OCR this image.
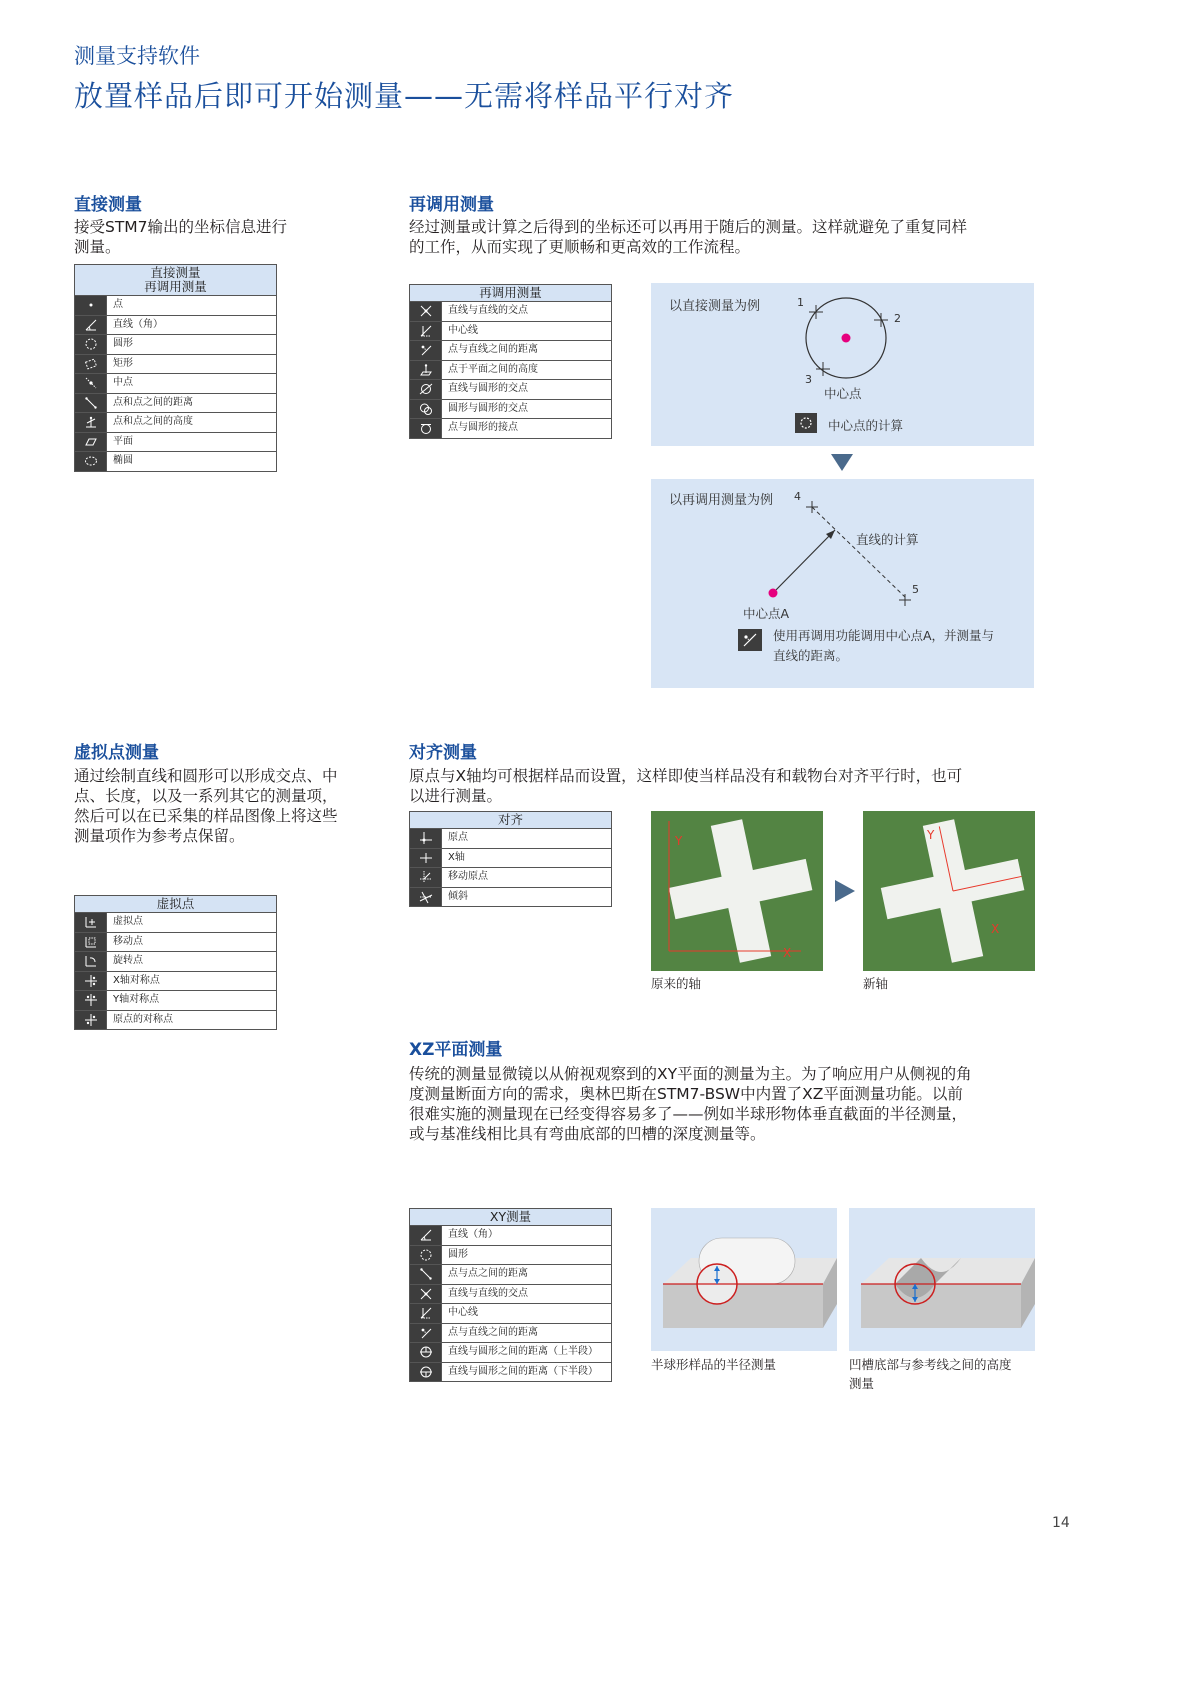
测量支持软件
放置样品后即可开始测量——无需将样品平行对齐
直接测量
接受STM7输出的坐标信息进行
测量。
直接测量
再调用测量
点
直线（角）
圆形
矩形
中点
点和点之间的距离
点和点之间的高度
平面
椭圆
再调用测量
经过测量或计算之后得到的坐标还可以再用于随后的测量。这样就避免了重复同样
的工作，从而实现了更顺畅和更高效的工作流程。
再调用测量
直线与直线的交点
中心线
点与直线之间的距离
点于平面之间的高度
直线与圆形的交点
圆形与圆形的交点
点与圆形的接点
以直接测量为例	1
2
3
中心点
中心点的计算
以再调用测量为例 4
直线的计算
5
中心点A
使用再调用功能调用中心点A，并测量与
直线的距离。
虚拟点测量
通过绘制直线和圆形可以形成交点、中
点、长度，以及一系列其它的测量项，
然后可以在已采集的样品图像上将这些
测量项作为参考点保留。
虚拟点
虚拟点
移动点
旋转点
X轴对称点
Y轴对称点
原点的对称点
对齐测量
原点与X轴均可根据样品而设置，这样即使当样品没有和载物台对齐平行时，也可
以进行测量。
对齐
原点
X轴
移动原点
倾斜
Y
X
Y
X
原来的轴	新轴
XZ平面测量
传统的测量显微镜以从俯视观察到的XY平面的测量为主。为了响应用户从侧视的角
度测量断面方向的需求，奥林巴斯在STM7-BSW中内置了XZ平面测量功能。以前
很难实施的测量现在已经变得容易多了——例如半球形物体垂直截面的半径测量，
或与基准线相比具有弯曲底部的凹槽的深度测量等。
XY测量
直线（角）
圆形
点与点之间的距离
直线与直线的交点
中心线
点与直线之间的距离
直线与圆形之间的距离（上半段）
直线与圆形之间的距离（下半段）	半球形样品的半径测量	凹槽底部与参考线之间的高度
测量
14
